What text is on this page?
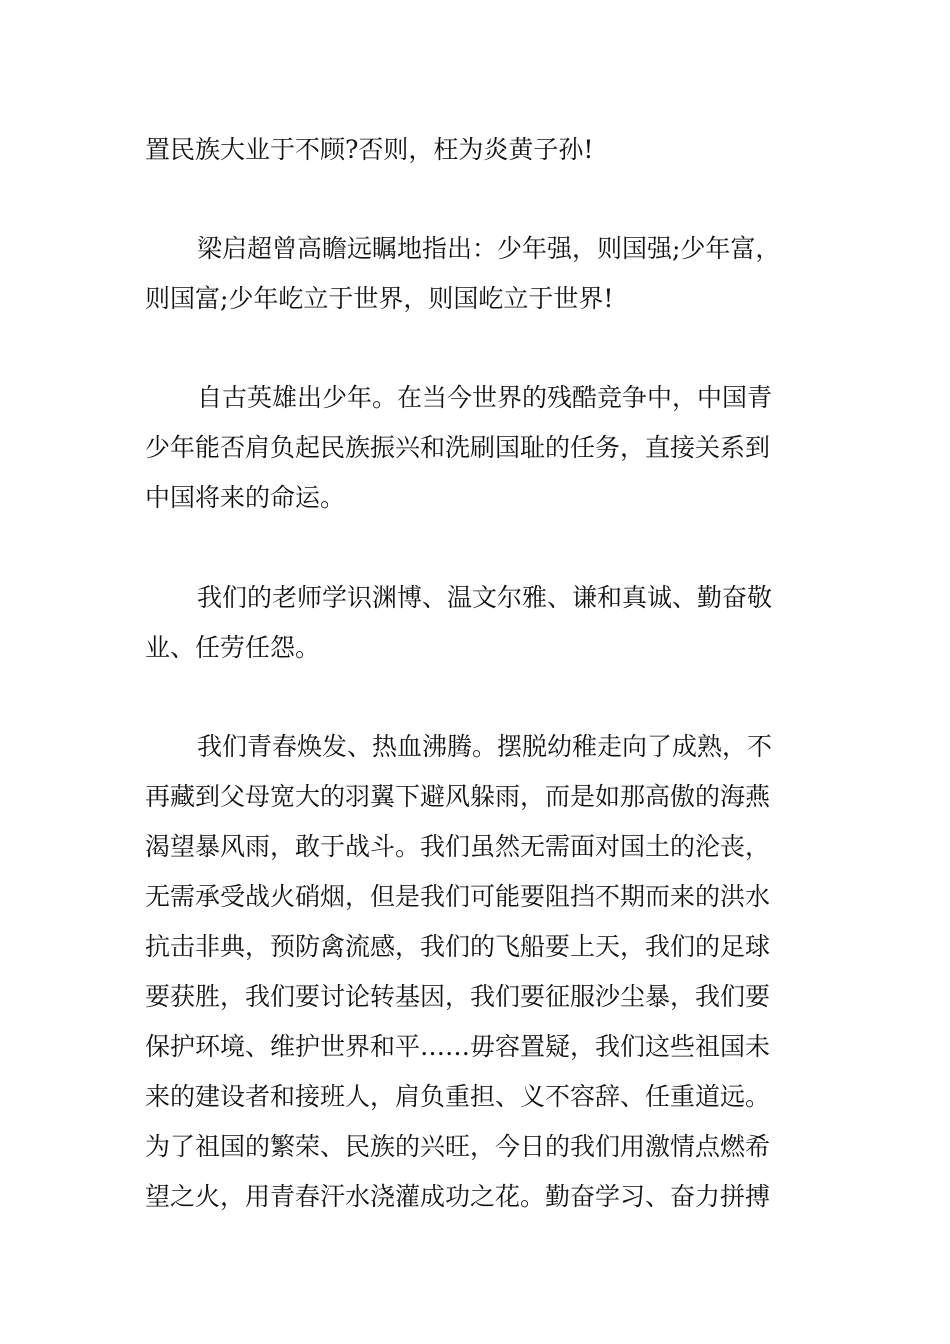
置民族大业于不顾?否则，枉为炎黄子孙!
梁启超曾高瞻远瞩地指出：少年强，则国强;少年富，
则国富;少年屹立于世界，则国屹立于世界!
自古英雄出少年。在当今世界的残酷竞争中，中国青
少年能否肩负起民族振兴和洗刷国耻的任务，直接关系到
中国将来的命运。
我们的老师学识渊博、温文尔雅、谦和真诚、勤奋敬
业、任劳任怨。
我们青春焕发、热血沸腾。摆脱幼稚走向了成熟，不
再藏到父母宽大的羽翼下避风躲雨，而是如那高傲的海燕
渴望暴风雨，敢于战斗。我们虽然无需面对国土的沦丧，
无需承受战火硝烟，但是我们可能要阻挡不期而来的洪水
抗击非典，预防禽流感，我们的飞船要上天，我们的足球
要获胜，我们要讨论转基因，我们要征服沙尘暴，我们要
保护环境、维护世界和平……毋容置疑，我们这些祖国未
来的建设者和接班人，肩负重担、义不容辞、任重道远。
为了祖国的繁荣、民族的兴旺，今日的我们用激情点燃希
望之火，用青春汗水浇灌成功之花。勤奋学习、奋力拼搏
